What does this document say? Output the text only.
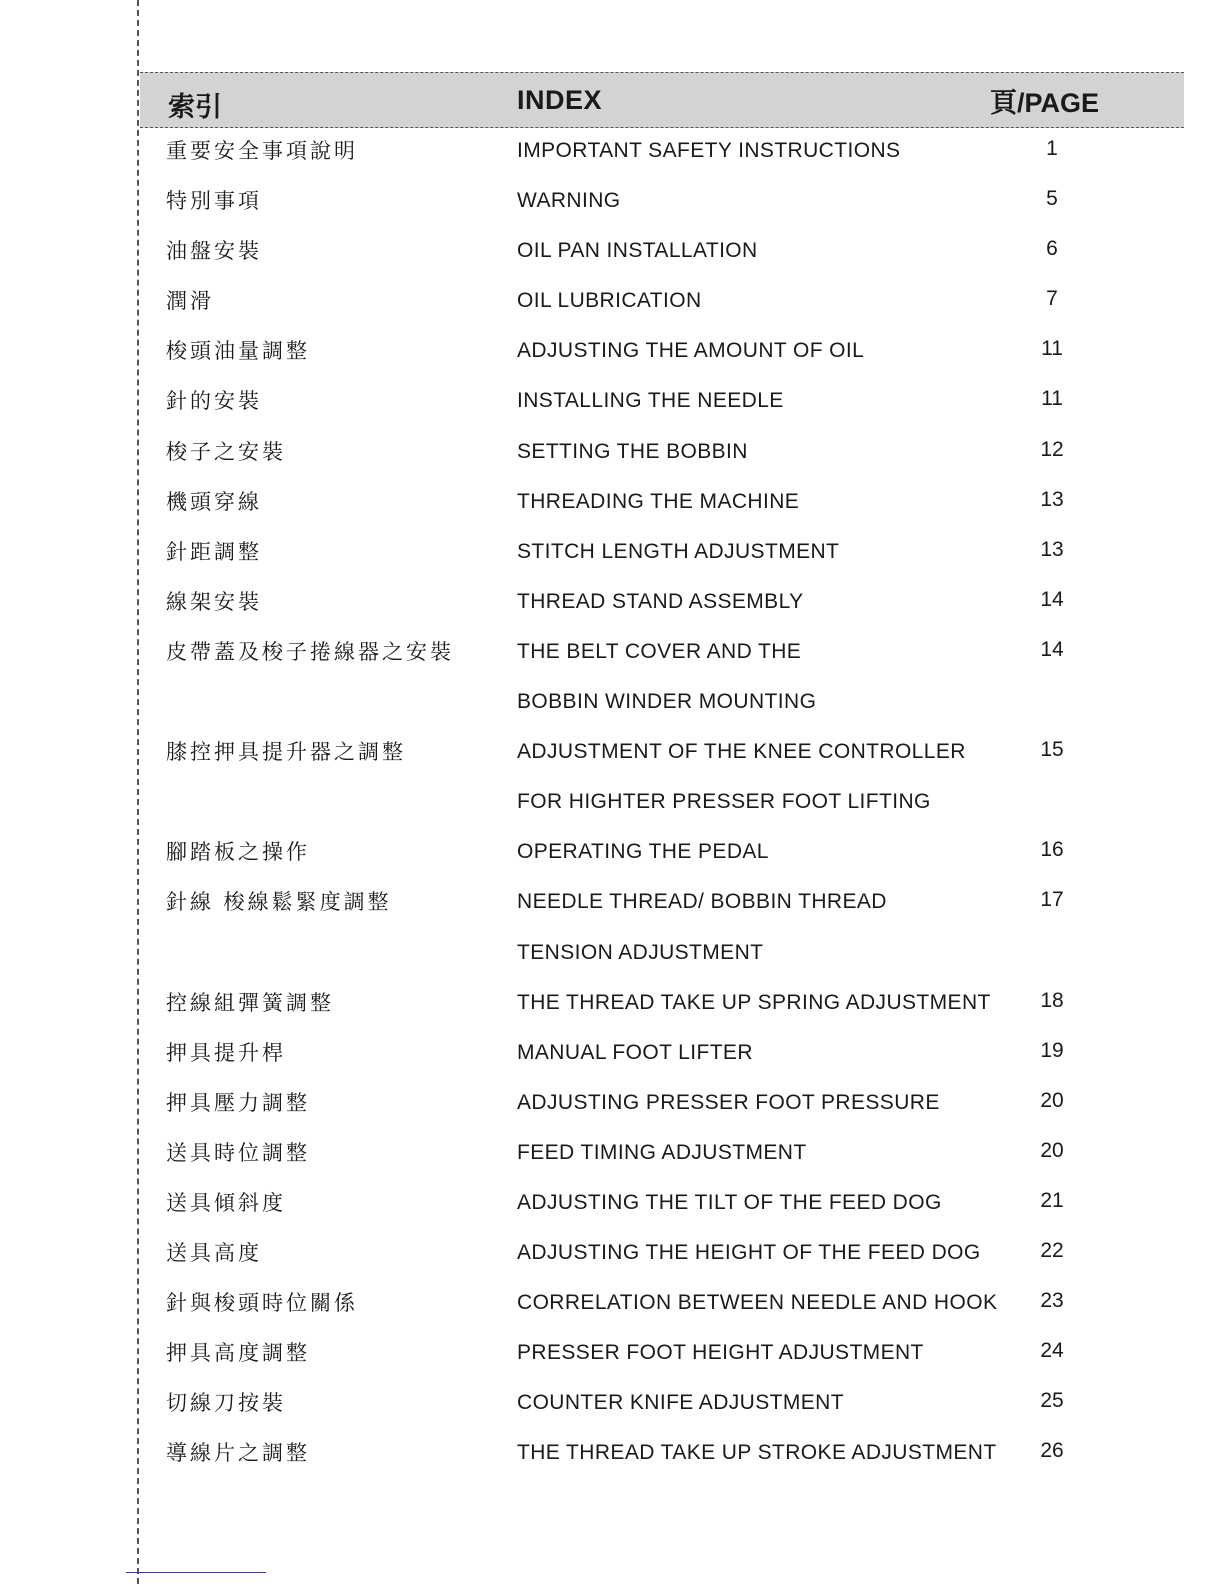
索引	INDEX	頁/PAGE
重要安全事項說明	IMPORTANT SAFETY INSTRUCTIONS	1
特別事項	WARNING	5
油盤安裝	OIL PAN INSTALLATION	6
潤滑	OIL LUBRICATION	7
梭頭油量調整	ADJUSTING THE AMOUNT OF OIL	11
針的安裝	INSTALLING THE NEEDLE	11
梭子之安裝	SETTING THE BOBBIN	12
機頭穿線	THREADING THE MACHINE	13
針距調整	STITCH LENGTH ADJUSTMENT	13
線架安裝	THREAD STAND ASSEMBLY	14
皮帶蓋及梭子捲線器之安裝	THE BELT COVER AND THE	14
BOBBIN WINDER MOUNTING
膝控押具提升器之調整	ADJUSTMENT OF THE KNEE CONTROLLER	15
FOR HIGHTER PRESSER FOOT LIFTING
腳踏板之操作	OPERATING THE PEDAL	16
針線 梭線鬆緊度調整	NEEDLE THREAD/ BOBBIN THREAD	17
TENSION ADJUSTMENT
控線組彈簧調整	THE THREAD TAKE UP SPRING ADJUSTMENT	18
押具提升桿	MANUAL FOOT LIFTER	19
押具壓力調整	ADJUSTING PRESSER FOOT PRESSURE	20
送具時位調整	FEED TIMING ADJUSTMENT	20
送具傾斜度	ADJUSTING THE TILT OF THE FEED DOG	21
送具高度	ADJUSTING THE HEIGHT OF THE FEED DOG	22
針與梭頭時位關係	CORRELATION BETWEEN NEEDLE AND HOOK	23
押具高度調整	PRESSER FOOT HEIGHT ADJUSTMENT	24
切線刀按裝	COUNTER KNIFE ADJUSTMENT	25
導線片之調整	THE THREAD TAKE UP STROKE ADJUSTMENT	26
